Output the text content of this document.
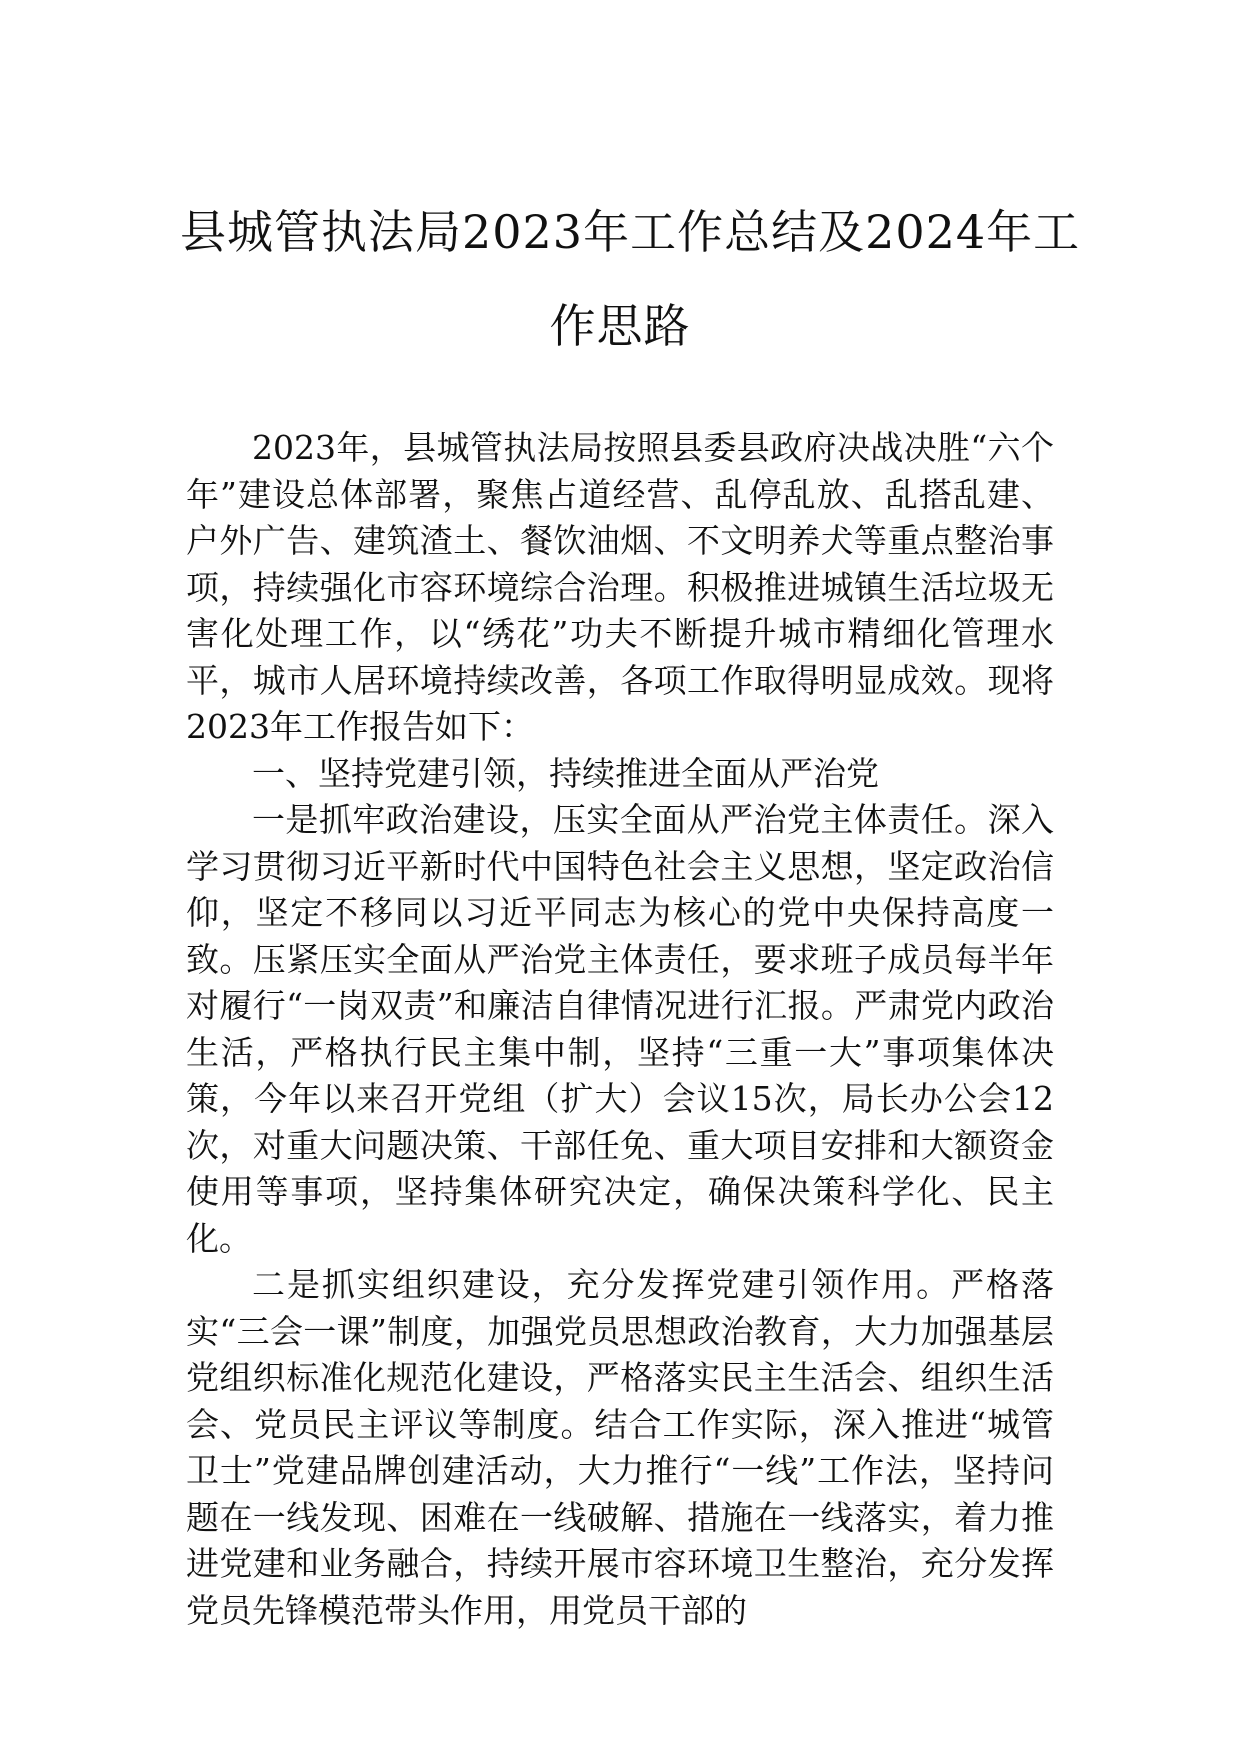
县城管执法局2023年工作总结及2024年工
作思路

2023年，县城管执法局按照县委县政府决战决胜“六个年”建设总体部署，聚焦占道经营、乱停乱放、乱搭乱建、户外广告、建筑渣土、餐饮油烟、不文明养犬等重点整治事项，持续强化市容环境综合治理。积极推进城镇生活垃圾无害化处理工作，以“绣花”功夫不断提升城市精细化管理水平，城市人居环境持续改善，各项工作取得明显成效。现将2023年工作报告如下：

一、坚持党建引领，持续推进全面从严治党

一是抓牢政治建设，压实全面从严治党主体责任。深入学习贯彻习近平新时代中国特色社会主义思想，坚定政治信仰，坚定不移同以习近平同志为核心的党中央保持高度一致。压紧压实全面从严治党主体责任，要求班子成员每半年对履行“一岗双责”和廉洁自律情况进行汇报。严肃党内政治生活，严格执行民主集中制，坚持“三重一大”事项集体决策，今年以来召开党组（扩大）会议15次，局长办公会12次，对重大问题决策、干部任免、重大项目安排和大额资金使用等事项，坚持集体研究决定，确保决策科学化、民主化。

二是抓实组织建设，充分发挥党建引领作用。严格落实“三会一课”制度，加强党员思想政治教育，大力加强基层党组织标准化规范化建设，严格落实民主生活会、组织生活会、党员民主评议等制度。结合工作实际，深入推进“城管卫士”党建品牌创建活动，大力推行“一线”工作法，坚持问题在一线发现、困难在一线破解、措施在一线落实，着力推进党建和业务融合，持续开展市容环境卫生整治，充分发挥党员先锋模范带头作用，用党员干部的
